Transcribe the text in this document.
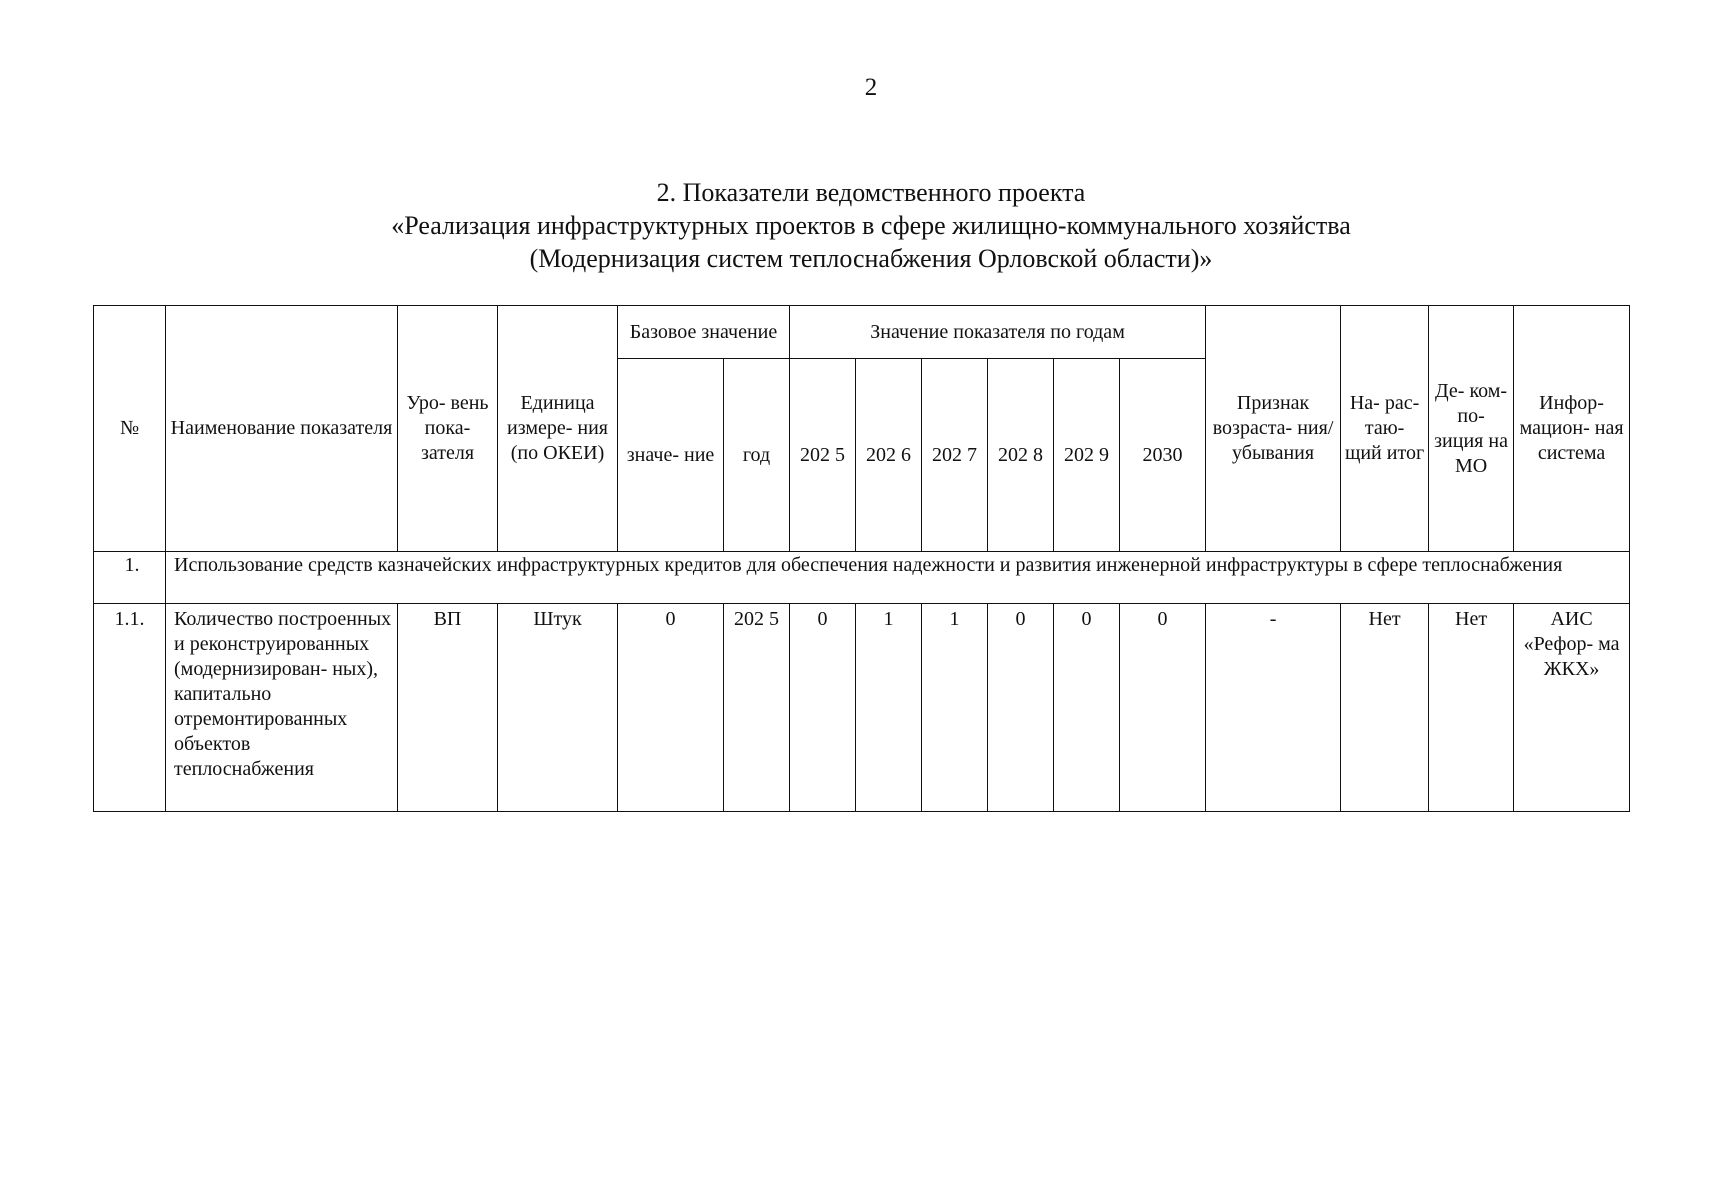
2
2. Показатели ведомственного проекта
«Реализация инфраструктурных проектов в сфере жилищно-коммунального хозяйства
(Модернизация систем теплоснабжения Орловской области)»
№	Наименование показателя	Уро- вень пока- зателя	Единица измере- ния (по ОКЕИ)	Базовое значение		Значение показателя по годам						Признак возраста- ния/ убывания	На- рас- таю- щий итог	Де- ком- по- зиция на МО	Инфор- мацион- ная система
				значе- ние	год	202 5	202 6	202 7	202 8	202 9	2030				
1.	Использование средств казначейских инфраструктурных кредитов для обеспечения надежности и развития инженерной инфраструктуры в сфере теплоснабжения														
1.1.	Количество построенных и реконструированных (модернизирован- ных), капитально отремонтированных объектов теплоснабжения	ВП	Штук	0	202 5	0	1	1	0	0	0	-	Нет	Нет	АИС «Рефор- ма ЖКХ»
